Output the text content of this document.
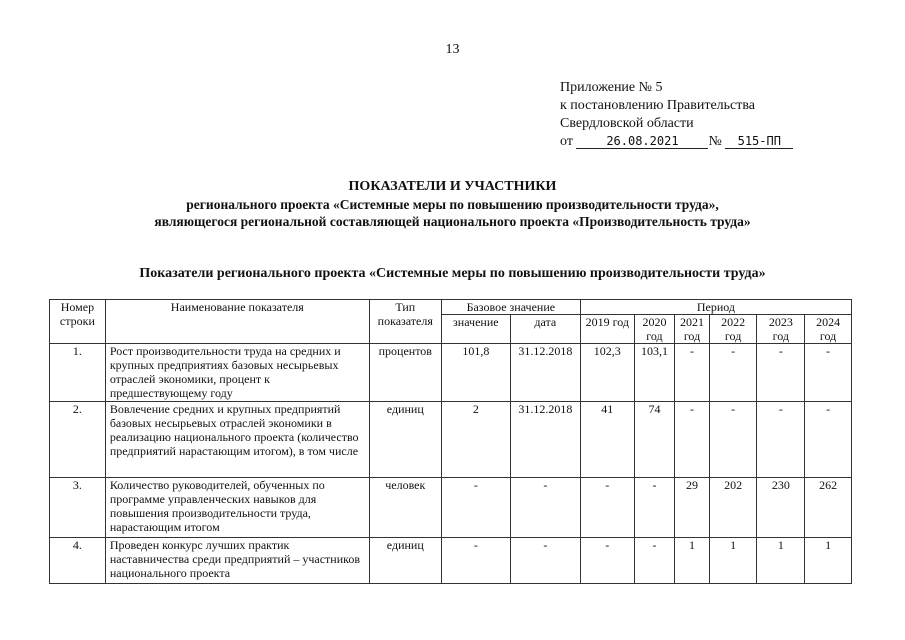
13
Приложение № 5
к постановлению Правительства
Свердловской области
от	26.08.2021 № 515-ПП
ПОКАЗАТЕЛИ И УЧАСТНИКИ
регионального проекта «Системные меры по повышению производительности труда»,
являющегося региональной составляющей национального проекта «Производительность труда»
Показатели регионального проекта «Системные меры по повышению производительности труда»
Номер строки	Наименование показателя	Тип показателя	Базовое значение		Период					
			значение	дата	2019 год	2020 год	2021 год	2022 год	2023 год	2024 год
1.	Рост производительности труда на средних и крупных предприятиях базовых несырьевых отраслей экономики, процент к предшествующему году	процентов	101,8	31.12.2018	102,3	103,1	-	-	-	-
2.	Вовлечение средних и крупных предприятий базовых несырьевых отраслей экономики в реализацию национального проекта (количество предприятий нарастающим итогом), в том числе	единиц	2	31.12.2018	41	74	-	-	-	-
3.	Количество руководителей, обученных по программе управленческих навыков для повышения производительности труда, нарастающим итогом	человек	-	-	-	-	29	202	230	262
4.	Проведен конкурс лучших практик наставничества среди предприятий – участников национального проекта	единиц	-	-	-	-	1	1	1	1
